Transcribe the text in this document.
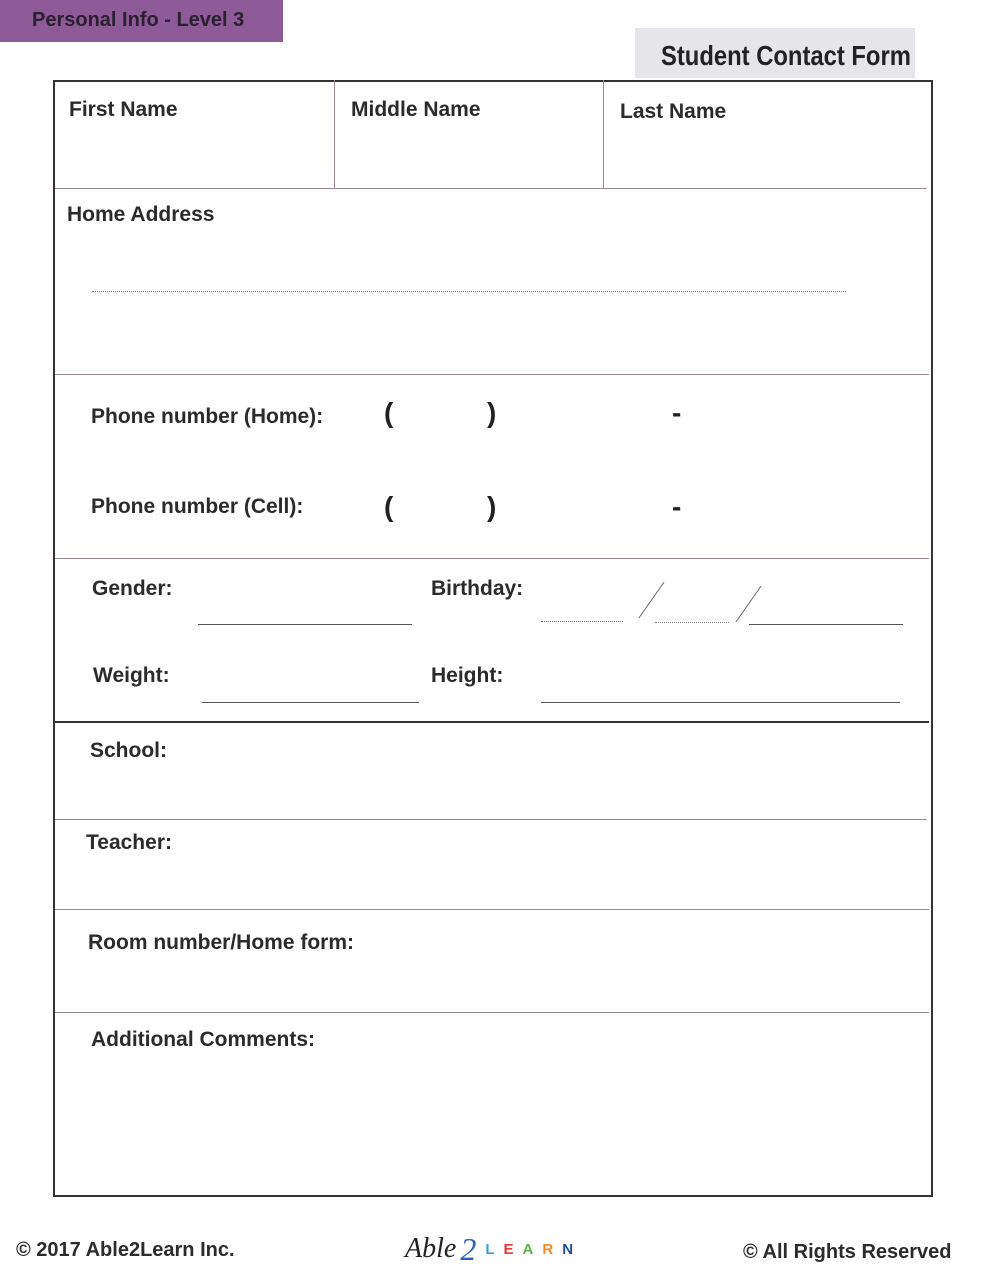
Personal Info - Level 3
Student Contact Form
First Name	Middle Name	Last Name
Home Address
Phone number (Home): (	)	-
Phone number (Cell):	(	)	-
Gender:	Birthday:
Weight:	Height:
School:
Teacher:
Room number/Home form:
Additional Comments:
© 2017 Able2Learn Inc.	© All Rights Reserved
Able 2 L E A R N
